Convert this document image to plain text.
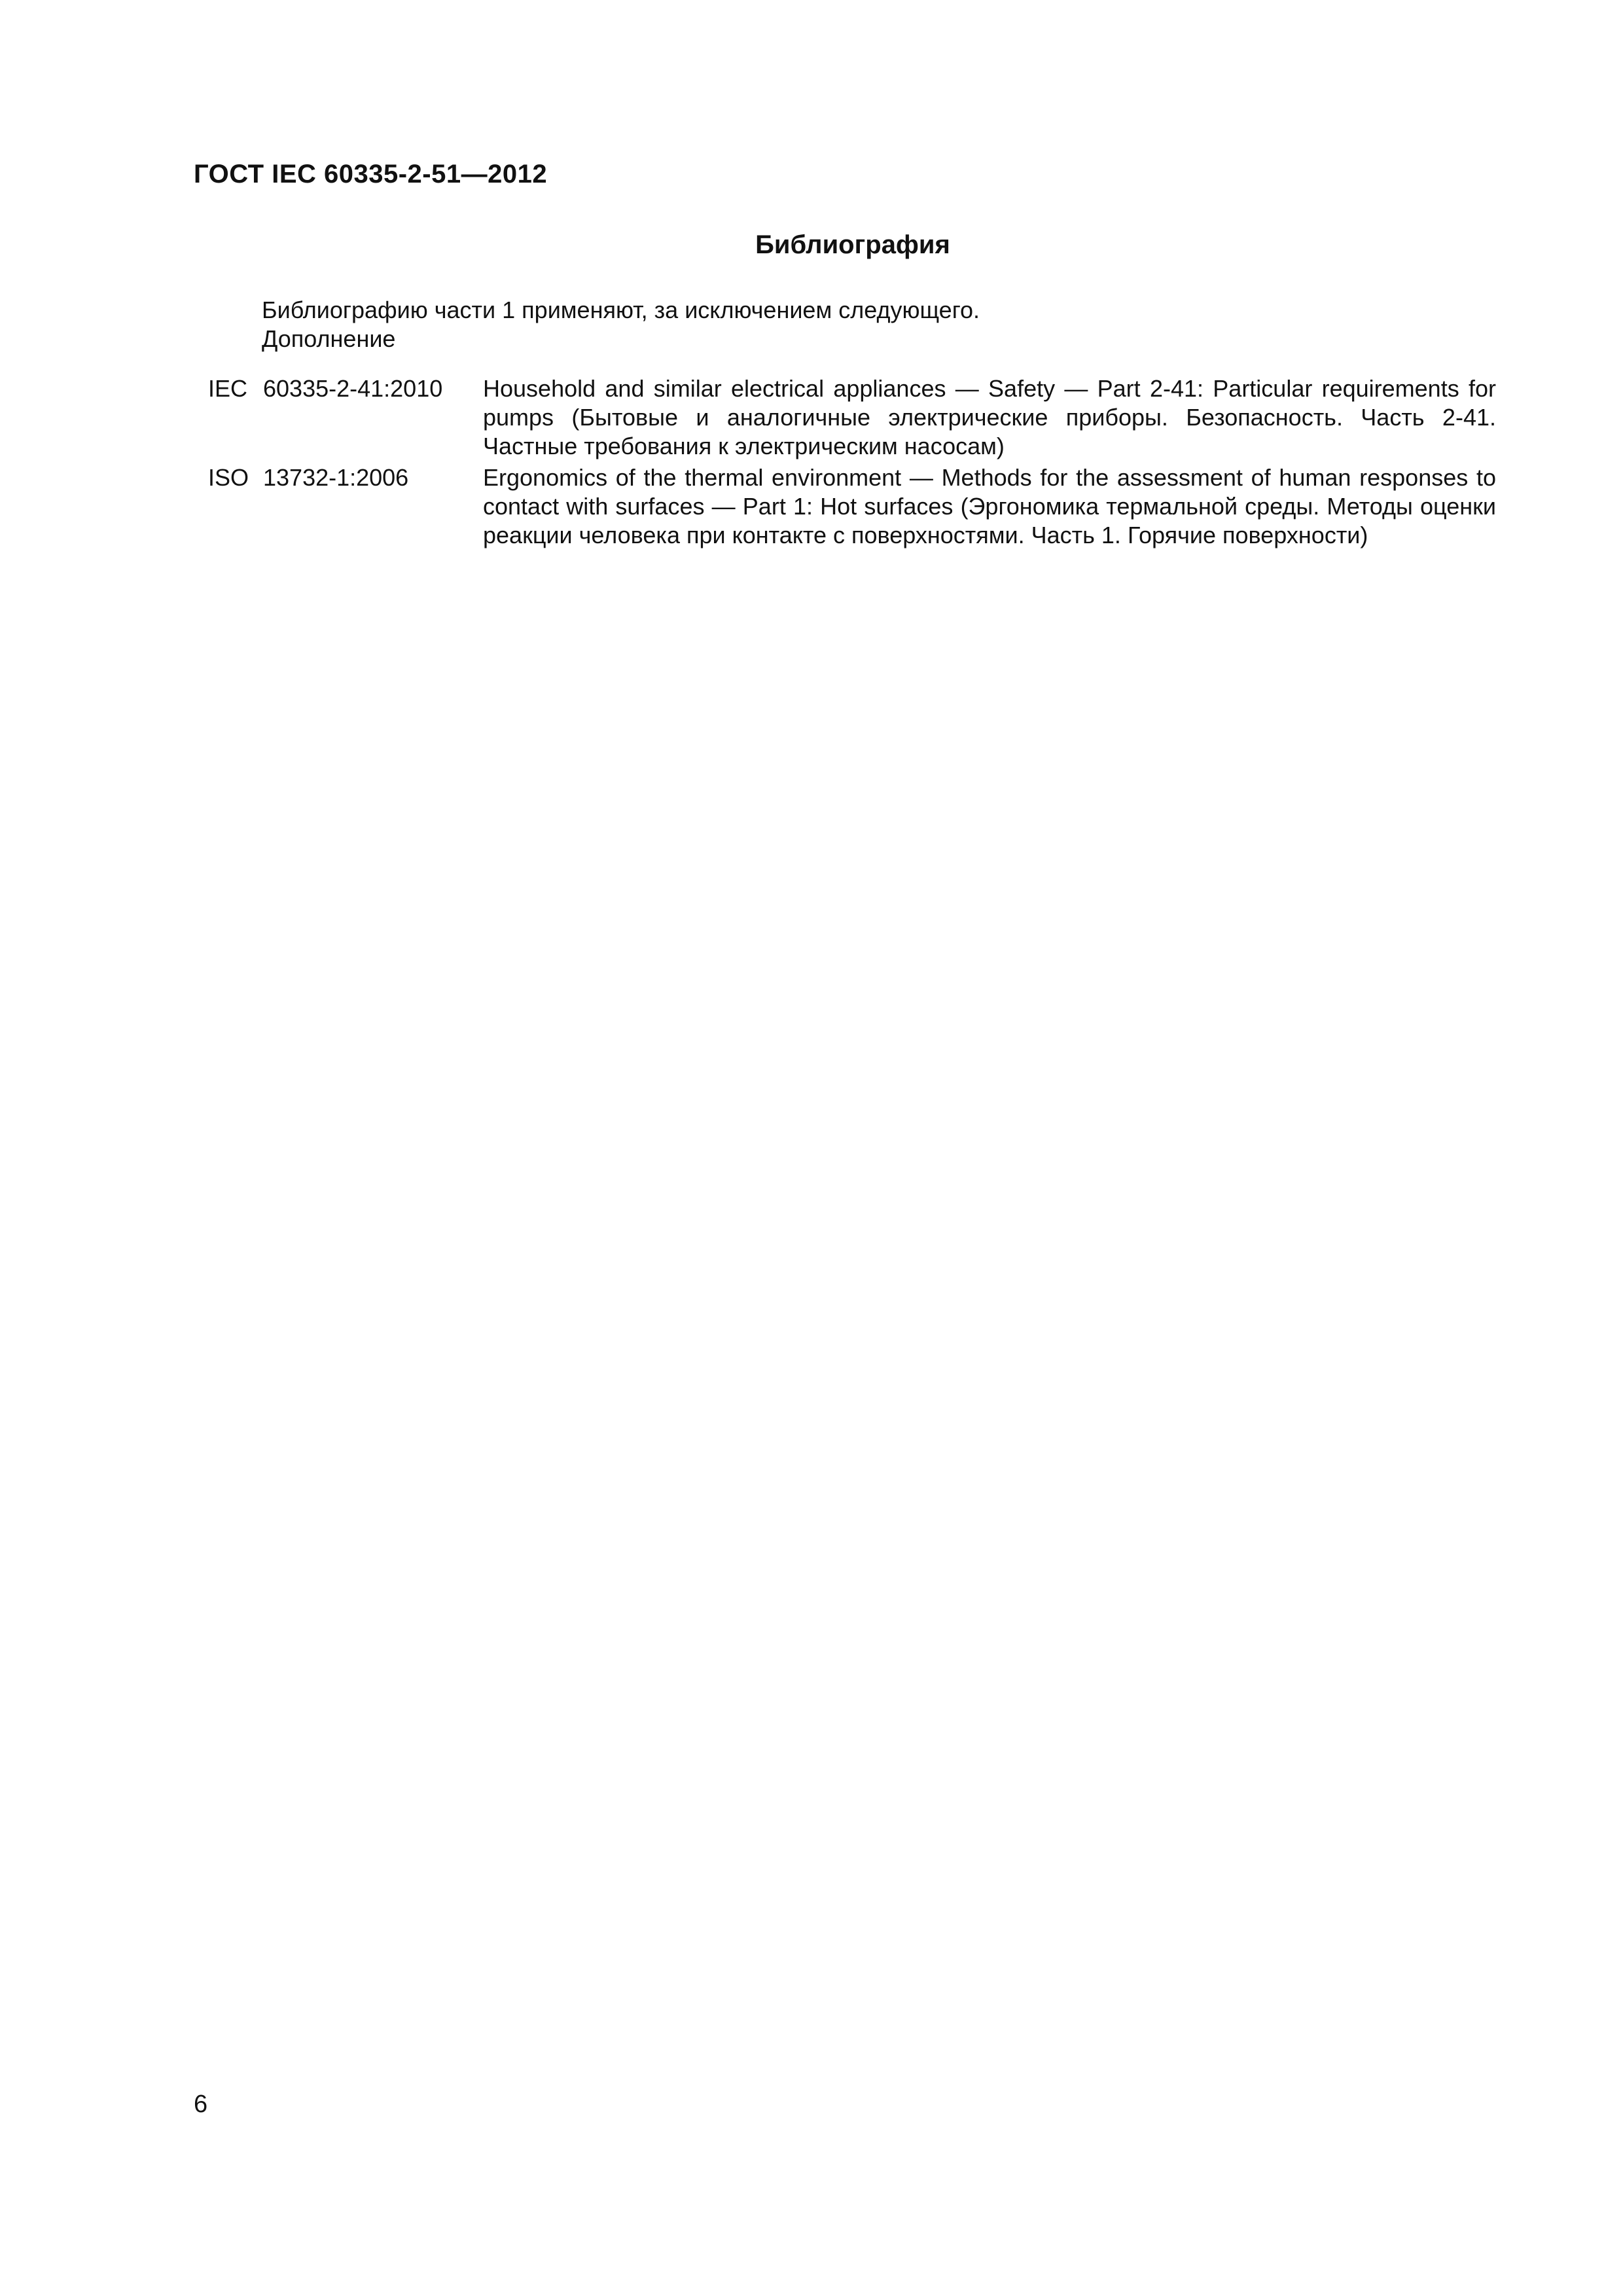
ГОСТ IEC 60335-2-51—2012
Библиография
Библиографию части 1 применяют, за исключением следующего.
Дополнение
IEC 60335-2-41:2010	Household and similar electrical appliances — Safety — Part 2-41: Particular requirements for pumps (Бытовые и аналогичные электрические приборы. Безопасность. Часть 2-41. Частные требования к электрическим насосам)
ISO 13732-1:2006	Ergonomics of the thermal environment — Methods for the assessment of human responses to contact with surfaces — Part 1: Hot surfaces (Эргономика термальной среды. Методы оценки реакции человека при контакте с поверхностями. Часть 1. Горячие поверхности)
6
